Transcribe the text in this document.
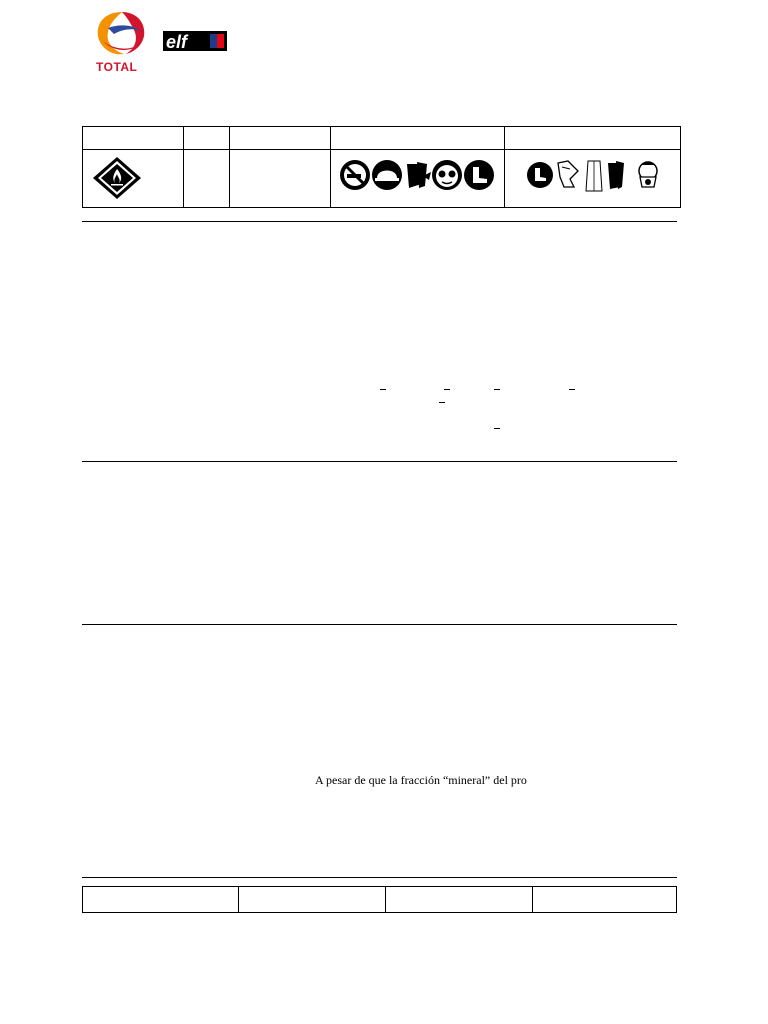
TOTAL
elf
A pesar de que la fracción “mineral” del pro
